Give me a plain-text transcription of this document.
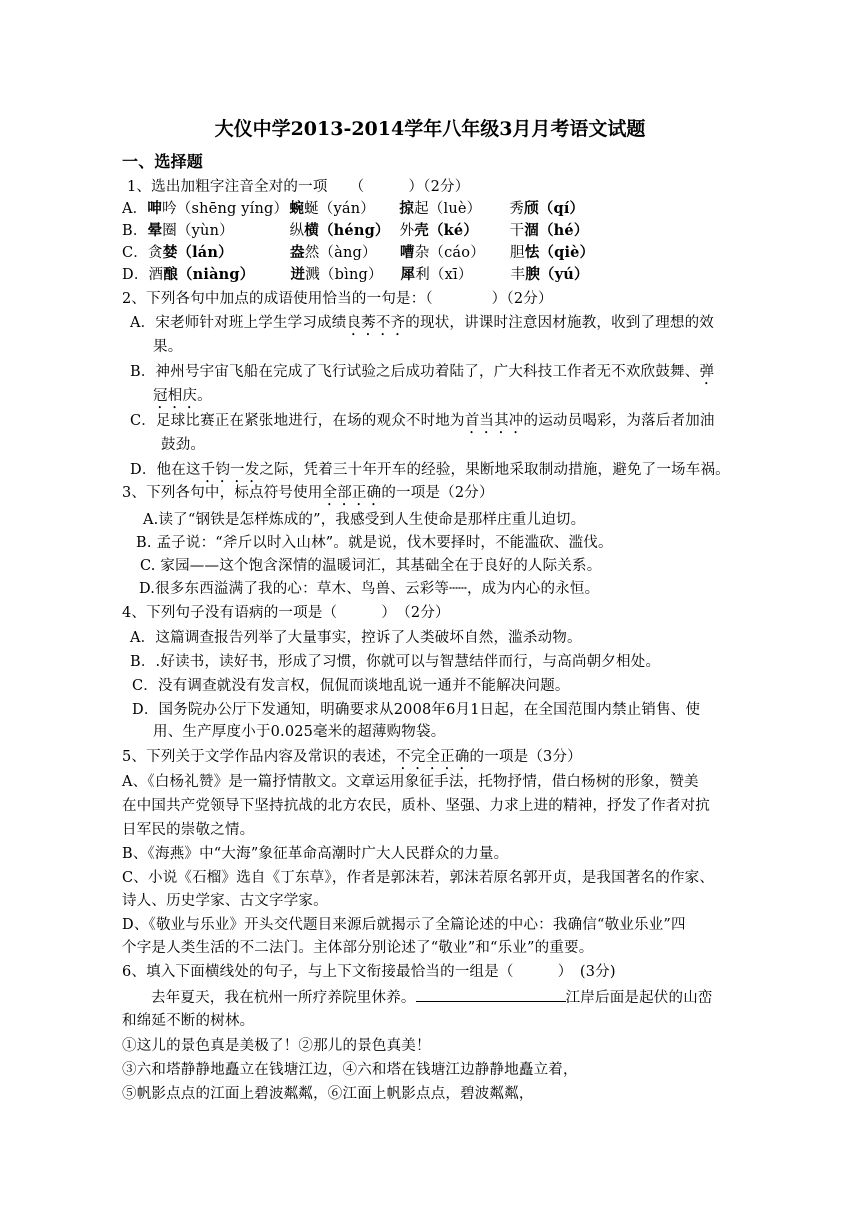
大仪中学2013-2014学年八年级3月月考语文试题
一、选择题
1、选出加粗字注音全对的一项　　（　　　）（2分）
A．呻吟（shēng yíng）蜿蜒（yán） 掠起（luè） 秀颀（qí）
B．晕圈（yùn）	纵横（héng） 外壳（ké） 干涸（hé）
C．贪婪（lán）	盎然（àng） 嘈杂（cáo） 胆怯（qiè）
D．酒酿（niàng） 迸溅（bìng） 犀利（xī）	丰腴（yú）
2、下列各句中加点的成语使用恰当的一句是：（　　　　）（2分）
A．宋老师针对班上学生学习成绩良莠不齐的现状，讲课时注意因材施教，收到了理想的效
果。
B．神州号宇宙飞船在完成了飞行试验之后成功着陆了，广大科技工作者无不欢欣鼓舞、弹
冠相庆。
C．足球比赛正在紧张地进行，在场的观众不时地为首当其冲的运动员喝彩，为落后者加油
鼓劲。
D．他在这千钧一发之际，凭着三十年开车的经验，果断地采取制动措施，避免了一场车祸。
3、下列各句中，标点符号使用全部正确的一项是（2分）
A.读了“钢铁是怎样炼成的”，我感受到人生使命是那样庄重儿迫切。
B. 孟子说：“斧斤以时入山林”。就是说，伐木要择时，不能滥砍、滥伐。
C. 家园——这个饱含深情的温暖词汇，其基础全在于良好的人际关系。
D.很多东西溢满了我的心：草木、鸟兽、云彩等┄┄，成为内心的永恒。
4、下列句子没有语病的一项是（　　　）　（2分）
A．这篇调查报告列举了大量事实，控诉了人类破坏自然，滥杀动物。
B．.好读书，读好书，形成了习惯，你就可以与智慧结伴而行，与高尚朝夕相处。
C．没有调查就没有发言权，侃侃而谈地乱说一通并不能解决问题。
D．国务院办公厅下发通知，明确要求从2008年6月1日起，在全国范围内禁止销售、使
用、生产厚度小于0.025毫米的超薄购物袋。
5、下列关于文学作品内容及常识的表述，不完全正确的一项是（3分）
A、《白杨礼赞》是一篇抒情散文。文章运用象征手法，托物抒情，借白杨树的形象，赞美
在中国共产党领导下坚持抗战的北方农民，质朴、坚强、力求上进的精神，抒发了作者对抗
日军民的崇敬之情。
B、《海燕》中“大海”象征革命高潮时广大人民群众的力量。
C、小说《石榴》选自《丁东草》，作者是郭沫若，郭沫若原名郭开贞，是我国著名的作家、
诗人、历史学家、古文字学家。
D、《敬业与乐业》开头交代题目来源后就揭示了全篇论述的中心：我确信“敬业乐业”四
个字是人类生活的不二法门。主体部分别论述了“敬业”和“乐业”的重要。
6、填入下面横线处的句子，与上下文衔接最恰当的一组是（　　　）　(3分)
去年夏天，我在杭州一所疗养院里休养。	江岸后面是起伏的山峦
和绵延不断的树林。
①这儿的景色真是美极了！②那儿的景色真美！
③六和塔静静地矗立在钱塘江边，④六和塔在钱塘江边静静地矗立着，
⑤帆影点点的江面上碧波粼粼，⑥江面上帆影点点，碧波粼粼，
